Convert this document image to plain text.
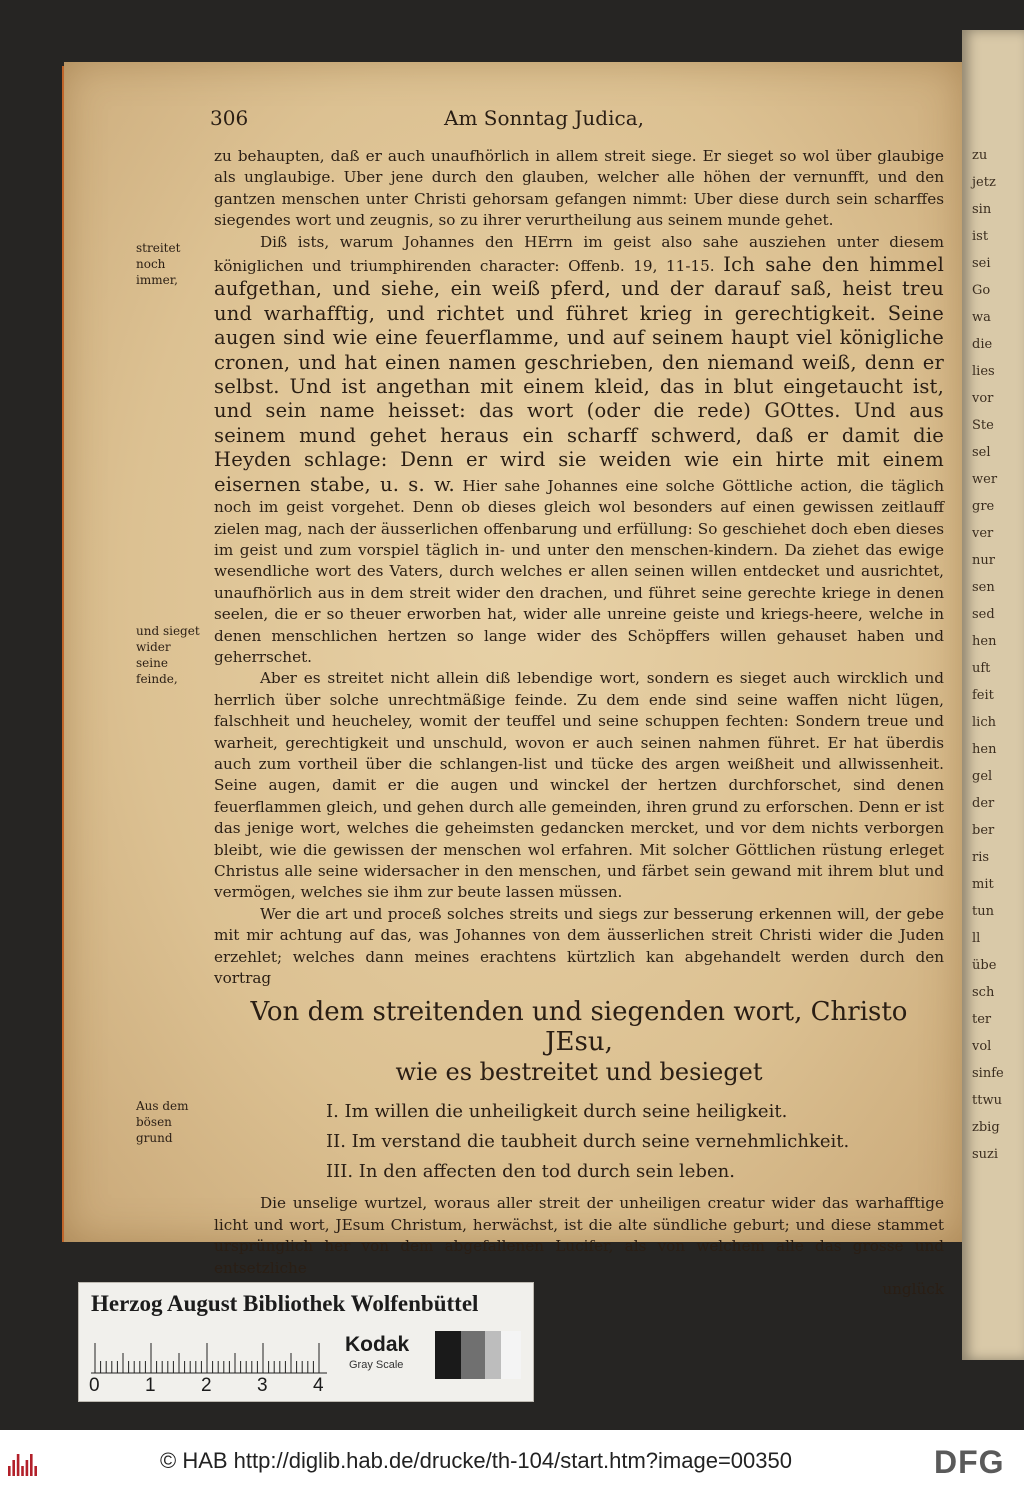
zu
jetz
sin
ist
sei
Go
wa
die
lies
vor
Ste
sel
wer
gre
ver
nur
sen
sed
hen
uft
feit
lich
hen
gel
der
ber
ris
mit
tun
ll
übe
sch
ter
vol
sinfe
ttwu
zbig
suzi
306	Am Sonntag Judica,
streitet noch immer,
und sieget wider seine feinde,
Aus dem bösen grund

zu behaupten, daß er auch unaufhörlich in allem streit siege. Er sieget so wol über glaubige als unglaubige. Uber jene durch den glauben, welcher alle höhen der vernunfft, und den gantzen menschen unter Christi gehorsam gefangen nimmt: Uber diese durch sein scharffes siegendes wort und zeugnis, so zu ihrer verurtheilung aus seinem munde gehet.

Diß ists, warum Johannes den HErrn im geist also sahe ausziehen unter diesem königlichen und triumphirenden character: Offenb. 19, 11-15. Ich sahe den himmel aufgethan, und siehe, ein weiß pferd, und der darauf saß, heist treu und warhafftig, und richtet und führet krieg in gerechtigkeit. Seine augen sind wie eine feuerflamme, und auf seinem haupt viel königliche cronen, und hat einen namen geschrieben, den niemand weiß, denn er selbst. Und ist angethan mit einem kleid, das in blut eingetaucht ist, und sein name heisset: das wort (oder die rede) GOttes. Und aus seinem mund gehet heraus ein scharff schwerd, daß er damit die Heyden schlage: Denn er wird sie weiden wie ein hirte mit einem eisernen stabe, u. s. w. Hier sahe Johannes eine solche Göttliche action, die täglich noch im geist vorgehet. Denn ob dieses gleich wol besonders auf einen gewissen zeitlauff zielen mag, nach der äusserlichen offenbarung und erfüllung: So geschiehet doch eben dieses im geist und zum vorspiel täglich in- und unter den menschen-kindern. Da ziehet das ewige wesendliche wort des Vaters, durch welches er allen seinen willen entdecket und ausrichtet, unaufhörlich aus in dem streit wider den drachen, und führet seine gerechte kriege in denen seelen, die er so theuer erworben hat, wider alle unreine geiste und kriegs-heere, welche in denen menschlichen hertzen so lange wider des Schöpffers willen gehauset haben und geherrschet.

Aber es streitet nicht allein diß lebendige wort, sondern es sieget auch wircklich und herrlich über solche unrechtmäßige feinde. Zu dem ende sind seine waffen nicht lügen, falschheit und heucheley, womit der teuffel und seine schuppen fechten: Sondern treue und warheit, gerechtigkeit und unschuld, wovon er auch seinen nahmen führet. Er hat überdis auch zum vortheil über die schlangen-list und tücke des argen weißheit und allwissenheit. Seine augen, damit er die augen und winckel der hertzen durchforschet, sind denen feuerflammen gleich, und gehen durch alle gemeinden, ihren grund zu erforschen. Denn er ist das jenige wort, welches die geheimsten gedancken mercket, und vor dem nichts verborgen bleibt, wie die gewissen der menschen wol erfahren. Mit solcher Göttlichen rüstung erleget Christus alle seine widersacher in den menschen, und färbet sein gewand mit ihrem blut und vermögen, welches sie ihm zur beute lassen müssen.

Wer die art und proceß solches streits und siegs zur besserung erkennen will, der gebe mit mir achtung auf das, was Johannes von dem äusserlichen streit Christi wider die Juden erzehlet; welches dann meines erachtens kürtzlich kan abgehandelt werden durch den vortrag

Von dem streitenden und siegenden wort, Christo JEsu,
wie es bestreitet und besieget
I. Im willen die unheiligkeit durch seine heiligkeit.
II. Im verstand die taubheit durch seine vernehmlichkeit.
III. In den affecten den tod durch sein leben.

Die unselige wurtzel, woraus aller streit der unheiligen creatur wider das warhafftige licht und wort, JEsum Christum, herwächst, ist die alte sündliche geburt; und diese stammet ursprünglich her von dem abgefallenen Lucifer, als von welchem alle das grosse und entsetzliche

unglück
Herzog August Bibliothek Wolfenbüttel
0 1 2 3 4
Kodak
Gray Scale
© HAB http://diglib.hab.de/drucke/th-104/start.htm?image=00350	DFG
